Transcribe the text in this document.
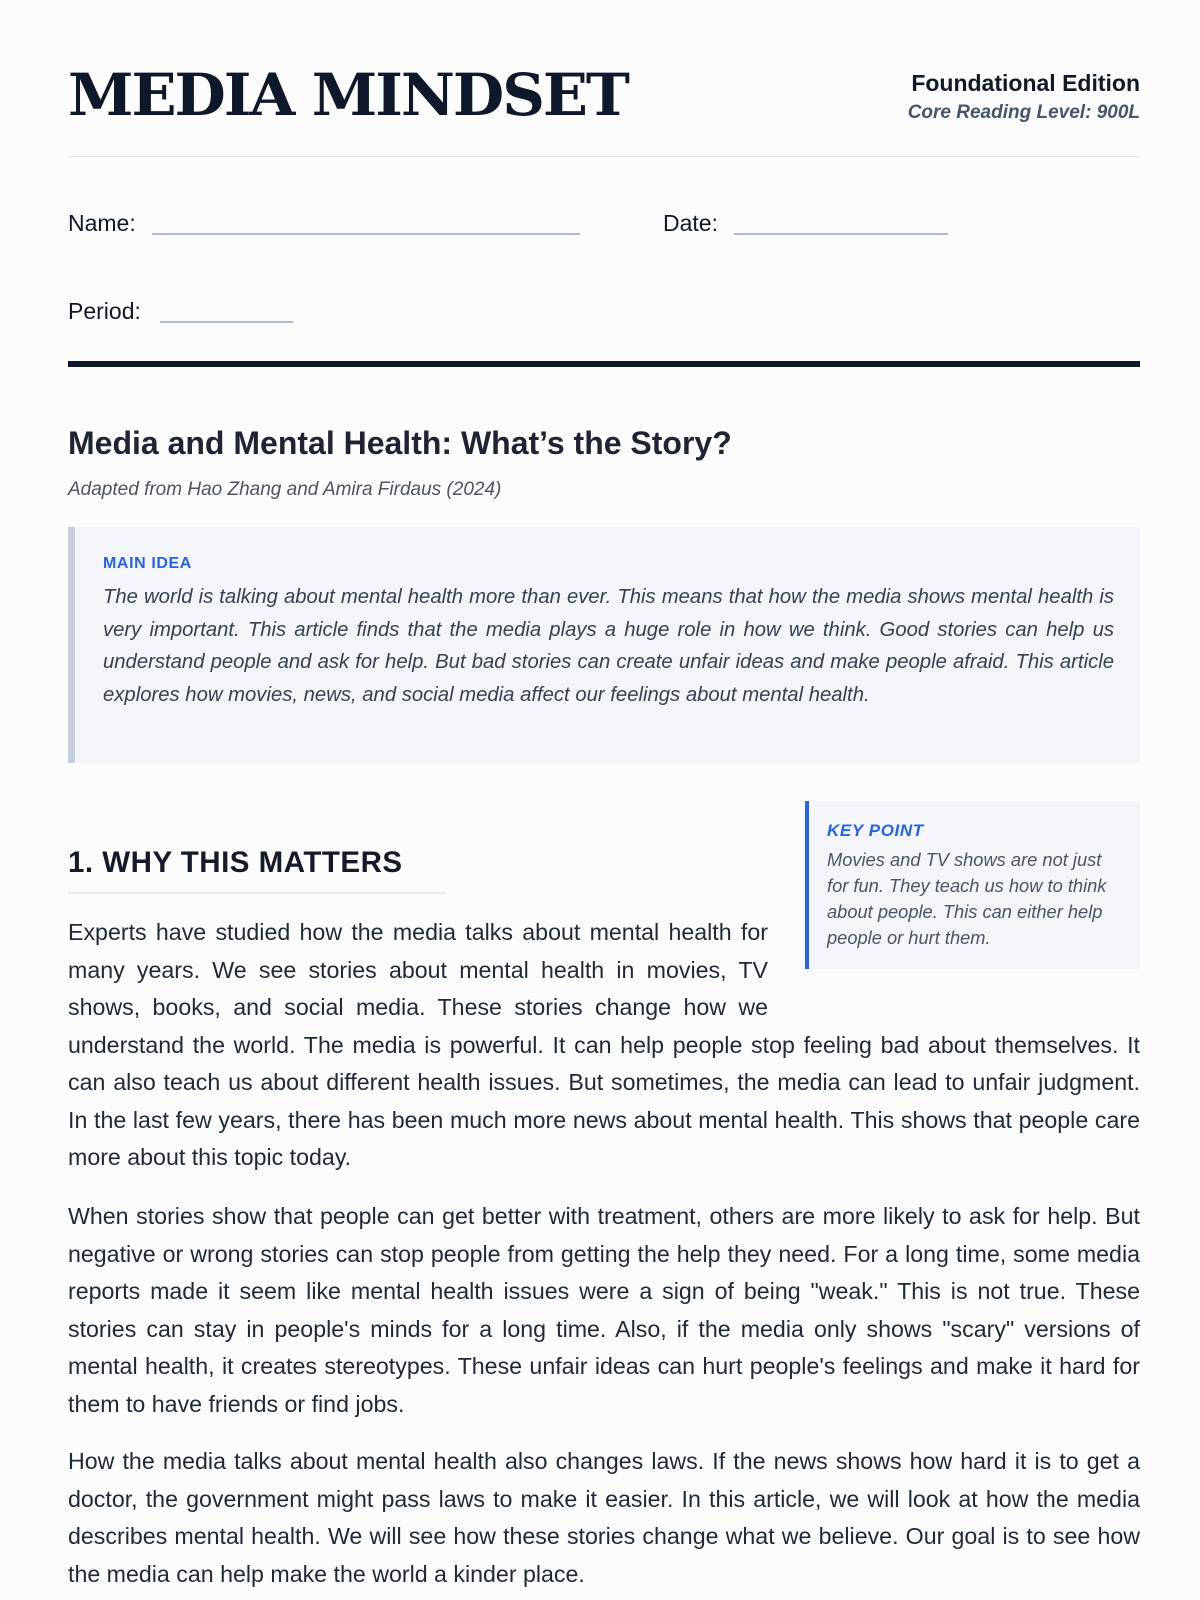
MEDIA MINDSET	Foundational Edition
Core Reading Level: 900L
Name:	Date:
Period:
Media and Mental Health: What’s the Story?
Adapted from Hao Zhang and Amira Firdaus (2024)
MAIN IDEA
The world is talking about mental health more than ever. This means that how the media shows mental health is very important. This article finds that the media plays a huge role in how we think. Good stories can help us understand people and ask for help. But bad stories can create unfair ideas and make people afraid. This article explores how movies, news, and social media affect our feelings about mental health.
KEY POINT
Movies and TV shows are not just for fun. They teach us how to think about people. This can either help people or hurt them.
1. WHY THIS MATTERS

Experts have studied how the media talks about mental health for many years. We see stories about mental health in movies, TV shows, books, and social media. These stories change how we understand the world. The media is powerful. It can help people stop feeling bad about themselves. It can also teach us about different health issues. But sometimes, the media can lead to unfair judgment. In the last few years, there has been much more news about mental health. This shows that people care more about this topic today.

When stories show that people can get better with treatment, others are more likely to ask for help. But negative or wrong stories can stop people from getting the help they need. For a long time, some media reports made it seem like mental health issues were a sign of being "weak." This is not true. These stories can stay in people's minds for a long time. Also, if the media only shows "scary" versions of mental health, it creates stereotypes. These unfair ideas can hurt people's feelings and make it hard for them to have friends or find jobs.

How the media talks about mental health also changes laws. If the news shows how hard it is to get a doctor, the government might pass laws to make it easier. In this article, we will look at how the media describes mental health. We will see how these stories change what we believe. Our goal is to see how the media can help make the world a kinder place.
